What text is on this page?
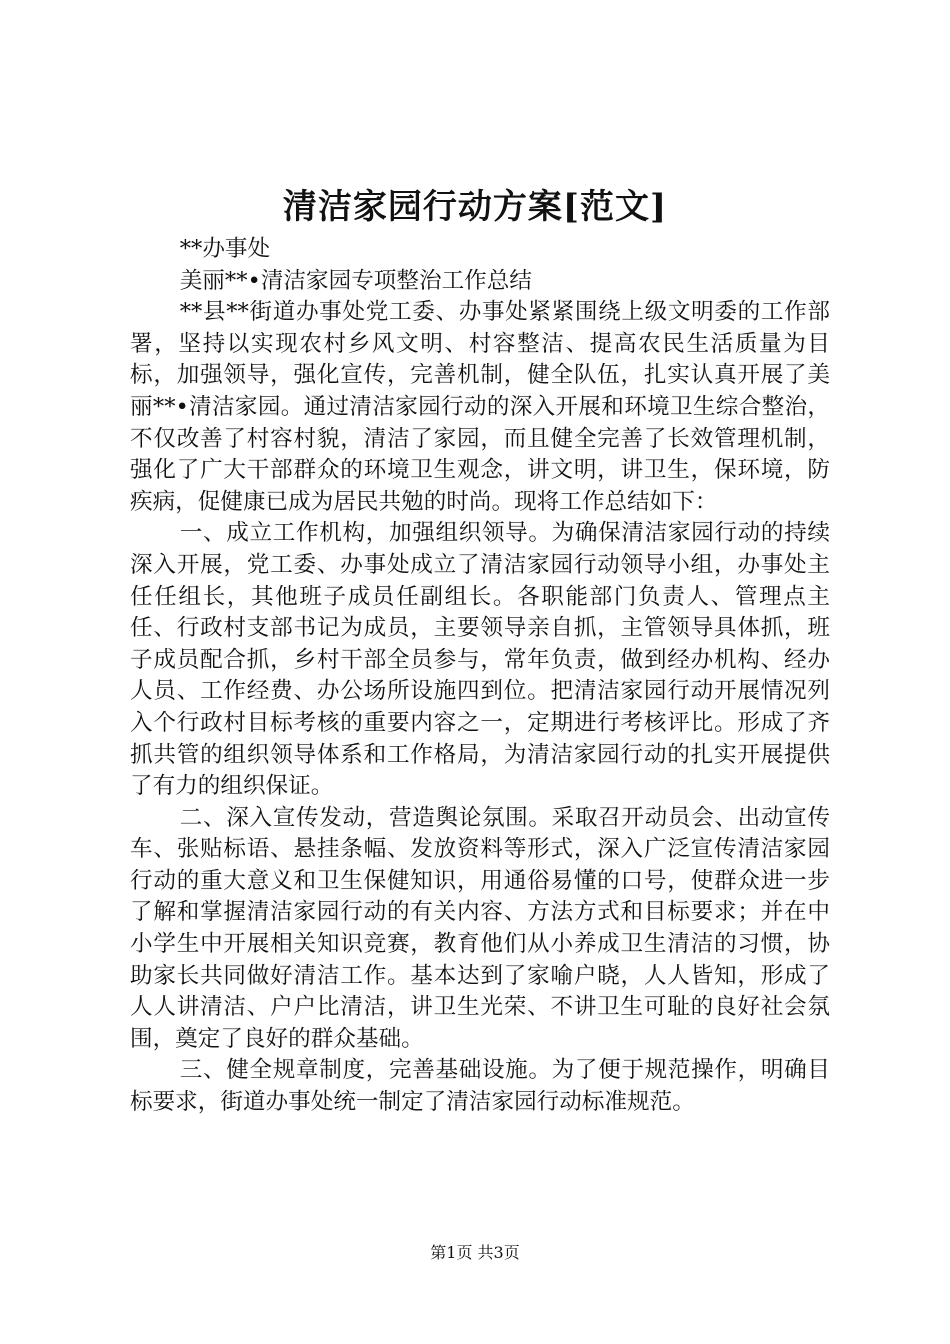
清洁家园行动方案[范文]

**办事处

美丽**•清洁家园专项整治工作总结

**县**街道办事处党工委、办事处紧紧围绕上级文明委的工作部署，坚持以实现农村乡风文明、村容整洁、提高农民生活质量为目标，加强领导，强化宣传，完善机制，健全队伍，扎实认真开展了美丽**•清洁家园。通过清洁家园行动的深入开展和环境卫生综合整治，不仅改善了村容村貌，清洁了家园，而且健全完善了长效管理机制，强化了广大干部群众的环境卫生观念，讲文明，讲卫生，保环境，防疾病，促健康已成为居民共勉的时尚。现将工作总结如下：

一、成立工作机构，加强组织领导。为确保清洁家园行动的持续深入开展，党工委、办事处成立了清洁家园行动领导小组，办事处主任任组长，其他班子成员任副组长。各职能部门负责人、管理点主任、行政村支部书记为成员，主要领导亲自抓，主管领导具体抓，班子成员配合抓，乡村干部全员参与，常年负责，做到经办机构、经办人员、工作经费、办公场所设施四到位。把清洁家园行动开展情况列入个行政村目标考核的重要内容之一，定期进行考核评比。形成了齐抓共管的组织领导体系和工作格局，为清洁家园行动的扎实开展提供了有力的组织保证。

二、深入宣传发动，营造舆论氛围。采取召开动员会、出动宣传车、张贴标语、悬挂条幅、发放资料等形式，深入广泛宣传清洁家园行动的重大意义和卫生保健知识，用通俗易懂的口号，使群众进一步了解和掌握清洁家园行动的有关内容、方法方式和目标要求；并在中小学生中开展相关知识竞赛，教育他们从小养成卫生清洁的习惯，协助家长共同做好清洁工作。基本达到了家喻户晓，人人皆知，形成了人人讲清洁、户户比清洁，讲卫生光荣、不讲卫生可耻的良好社会氛围，奠定了良好的群众基础。

三、健全规章制度，完善基础设施。为了便于规范操作，明确目标要求，街道办事处统一制定了清洁家园行动标准规范。

第1页 共3页
